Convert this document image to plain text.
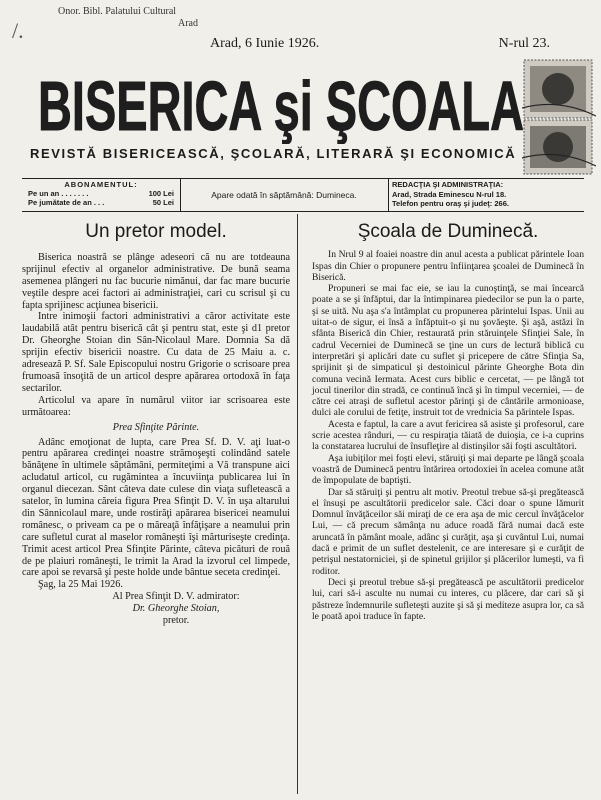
/.
Onor. Bibl. Palatului Cultural
Arad
Arad, 6 Iunie 1926.	N-rul 23.
BISERICA şi ŞCOALA
REVISTĂ BISERICEASCĂ, ŞCOLARĂ, LITERARĂ ŞI ECONOMICĂ
ABONAMENTUL:
Pe un an . . . . . . .	100 Lei
Pe jumătate de an . . .	50 Lei
Apare odată în săptămână: Dumineca.
REDACŢIA ŞI ADMINISTRAŢIA:
Arad, Strada Eminescu N-rul 18.
Telefon pentru oraş şi judeţ: 266.
Un pretor model.

Biserica noastră se plânge adeseori că nu are totdeauna sprijinul efectiv al organelor administrative. De bună seama asemenea plângeri nu fac bucurie nimănui, dar fac mare bucurie veştile despre acei factori ai administraţiei, cari cu scrisul şi cu fapta sprijinesc acţiunea bisericii.

Intre inimoşii factori administrativi a căror activitate este laudabilă atât pentru biserică cât şi pentru stat, este şi d1 pretor Dr. Gheorghe Stoian din Sân-Nicolaul Mare. Domnia Sa dă sprijin efectiv bisericii noastre. Cu data de 25 Maiu a. c. adresează P. Sf. Sale Episcopului nostru Grigorie o scrisoare prea frumoasă însoţită de un articol despre apărarea ortodoxă în faţa sectarilor.

Articolul va apare în numărul viitor iar scrisoarea este următoarea:

Prea Sfinţite Părinte.

Adânc emoţionat de lupta, care Prea Sf. D. V. aţi luat-o pentru apărarea credinţei noastre strămoşeşti colindând satele bănăţene în ultimele săptămâni, permiteţimi a Vă transpune aici acludatul articol, cu rugămintea a încuviinţa publicarea lui în organul diecezan. Sânt câteva date culese din viaţa sufletească a satelor, în lumina căreia figura Prea Sfinţit D. V. în uşa altarului din Sânnicolaul mare, unde rostirăţi apărarea bisericei neamului românesc, o priveam ca pe o măreaţă înfăţişare a neamului prin care sufletul curat al maselor româneşti îşi mărturiseşte credinţa. Trimit acest articol Prea Sfinţite Părinte, câteva picături de rouă de pe plaiuri româneşti, le trimit la Arad la izvorul cel limpede, care apoi se revarsă şi peste holde unde bântue seceta credinţei.

Şag, la 25 Mai 1926.

Al Prea Sfinţit D. V. admirator:

Dr. Gheorghe Stoian,

pretor.

Şcoala de Duminecă.

In Nrul 9 al foaiei noastre din anul acesta a publicat părintele Ioan Ispas din Chier o propunere pentru înfiinţarea şcoalei de Duminecă în Biserică.

Propuneri se mai fac eie, se iau la cunoştinţă, se mai încearcă poate a se şi înfăptui, dar la întimpinarea piedecilor se pun la o parte, şi se uită. Nu aşa s'a întâmplat cu propunerea părintelui Ispas. Unii au uitat-o de sigur, ei însă a înfăptuit-o şi nu şovăeşte. Şi aşă, astăzi în sfânta Biserică din Chier, restaurată prin stăruinţele Sfinţiei Sale, în cadrul Vecerniei de Duminecă se ţine un curs de lectură biblică cu interpretări şi aplicări date cu suflet şi pricepere de către Sfinţia Sa, sprijinit şi de simpaticul şi destoinicul părinte Gheorghe Bota din comuna vecină Iermata. Acest curs biblic e cercetat, — pe lângă tot jocul tinerilor din stradă, ce continuă încă şi în timpul vecerniei, — de către cei atraşi de sufletul acestor părinţi şi de cântările armonioase, dulci ale corului de fetiţe, instruit tot de vrednicia Sa părintele Ispas.

Acesta e faptul, la care a avut fericirea să asiste şi profesorul, care scrie acestea rânduri, — cu respiraţia tăiată de duioşia, ce i-a cuprins la constatarea lucrului de însufleţire al distinşilor săi foşti ascultători.

Aşa iubiţilor mei foşti elevi, stăruiţi şi mai departe pe lângă şcoala voastră de Duminecă pentru întărirea ortodoxiei în acelea comune atât de împopulate de baptişti.

Dar să stăruiţi şi pentru alt motiv. Preotul trebue să-şi pregătească el însuşi pe ascultătorii predicelor sale. Căci doar o spune lămurit Domnul învăţăceilor săi miraţi de ce era aşa de mic cercul învăţăcelor Lui, — că precum sămânţa nu aduce roadă fără numai dacă este aruncată în pământ moale, adânc şi curăţit, aşa şi cuvântul Lui, numai dacă e primit de un suflet destelenit, ce are interesare şi e curăţit de petrişul nestatorniciei, şi de spinetul grijilor şi plăcerilor lumeşti, va fi roditor.

Deci şi preotul trebue să-şi pregătească pe ascultătorii predicelor lui, cari să-i asculte nu numai cu interes, cu plăcere, dar cari să şi păstreze îndemnurile sufleteşti auzite şi să şi mediteze asupra lor, ca să le poată apoi traduce în fapte.
